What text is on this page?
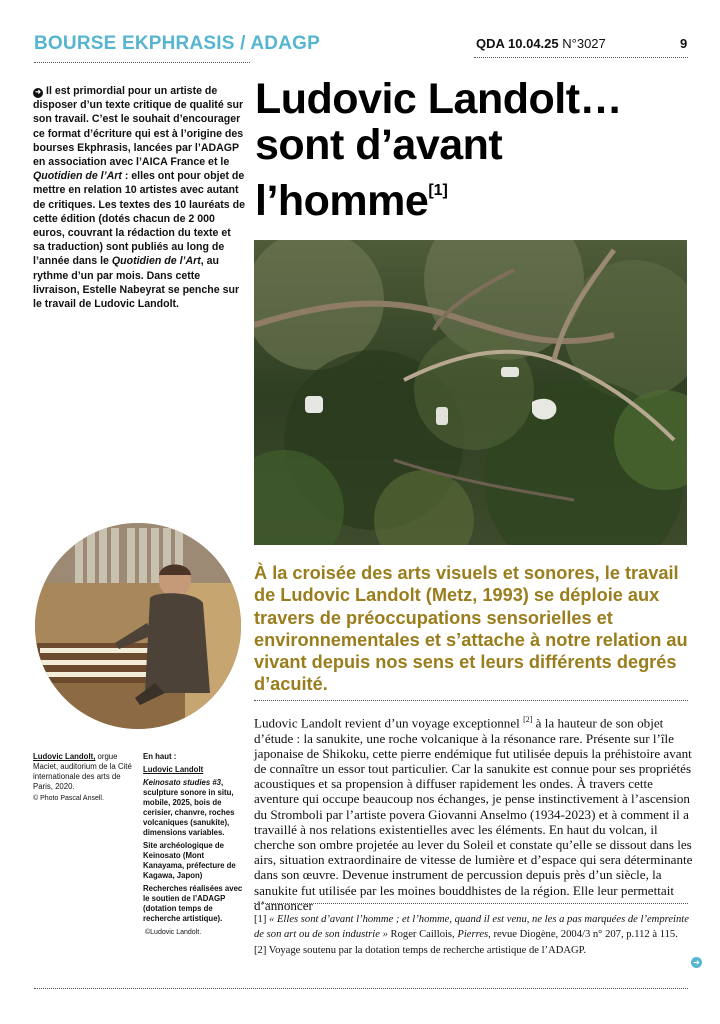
BOURSE EKPHRASIS / ADAGP	QDA 10.04.25 N°3027	9
➜ Il est primordial pour un artiste de disposer d’un texte critique de qualité sur son travail. C’est le souhait d’encourager ce format d’écriture qui est à l’origine des bourses Ekphrasis, lancées par l’ADAGP en association avec l’AICA France et le Quotidien de l’Art : elles ont pour objet de mettre en relation 10 artistes avec autant de critiques. Les textes des 10 lauréats de cette édition (dotés chacun de 2 000 euros, couvrant la rédaction du texte et sa traduction) sont publiés au long de l’année dans le Quotidien de l’Art, au rythme d’un par mois. Dans cette livraison, Estelle Nabeyrat se penche sur le travail de Ludovic Landolt.
Ludovic Landolt…
sont d’avant
l’homme[1]
À la croisée des arts visuels et sonores, le travail de Ludovic Landolt (Metz, 1993) se déploie aux travers de préoccupations sensorielles et environnementales et s’attache à notre relation au vivant depuis nos sens et leurs différents degrés d’acuité.
Ludovic Landolt, orgue Maciet, auditorium de la Cité internationale des arts de Paris, 2020.
© Photo Pascal Ansell.
En haut :
Ludovic Landolt

Keinosato studies #3, sculpture sonore in situ, mobile, 2025, bois de cerisier, chanvre, roches volcaniques (sanukite), dimensions variables.

Site archéologique de Keinosato (Mont Kanayama, préfecture de Kagawa, Japon)

Recherches réalisées avec le soutien de l’ADAGP (dotation temps de recherche artistique).

©Ludovic Landolt.
Ludovic Landolt revient d’un voyage exceptionnel [2] à la hauteur de son objet d’étude : la sanukite, une roche volcanique à la résonance rare. Présente sur l’île japonaise de Shikoku, cette pierre endémique fut utilisée depuis la préhistoire avant de connaître un essor tout particulier. Car la sanukite est connue pour ses propriétés acoustiques et sa propension à diffuser rapidement les ondes. À travers cette aventure qui occupe beaucoup nos échanges, je pense instinctivement à l’ascension du Stromboli par l’artiste povera Giovanni Anselmo (1934-2023) et à comment il a travaillé à nos relations existentielles avec les éléments. En haut du volcan, il cherche son ombre projetée au lever du Soleil et constate qu’elle se dissout dans les airs, situation extraordinaire de vitesse de lumière et d’espace qui sera déterminante dans son œuvre. Devenue instrument de percussion depuis près d’un siècle, la sanukite fut utilisée par les moines bouddhistes de la région. Elle leur permettait d’annoncer

[1] « Elles sont d’avant l’homme ; et l’homme, quand il est venu, ne les a pas marquées de l’empreinte de son art ou de son industrie » Roger Caillois, Pierres, revue Diogène, 2004/3 n° 207, p.112 à 115.

[2] Voyage soutenu par la dotation temps de recherche artistique de l’ADAGP.

➜
